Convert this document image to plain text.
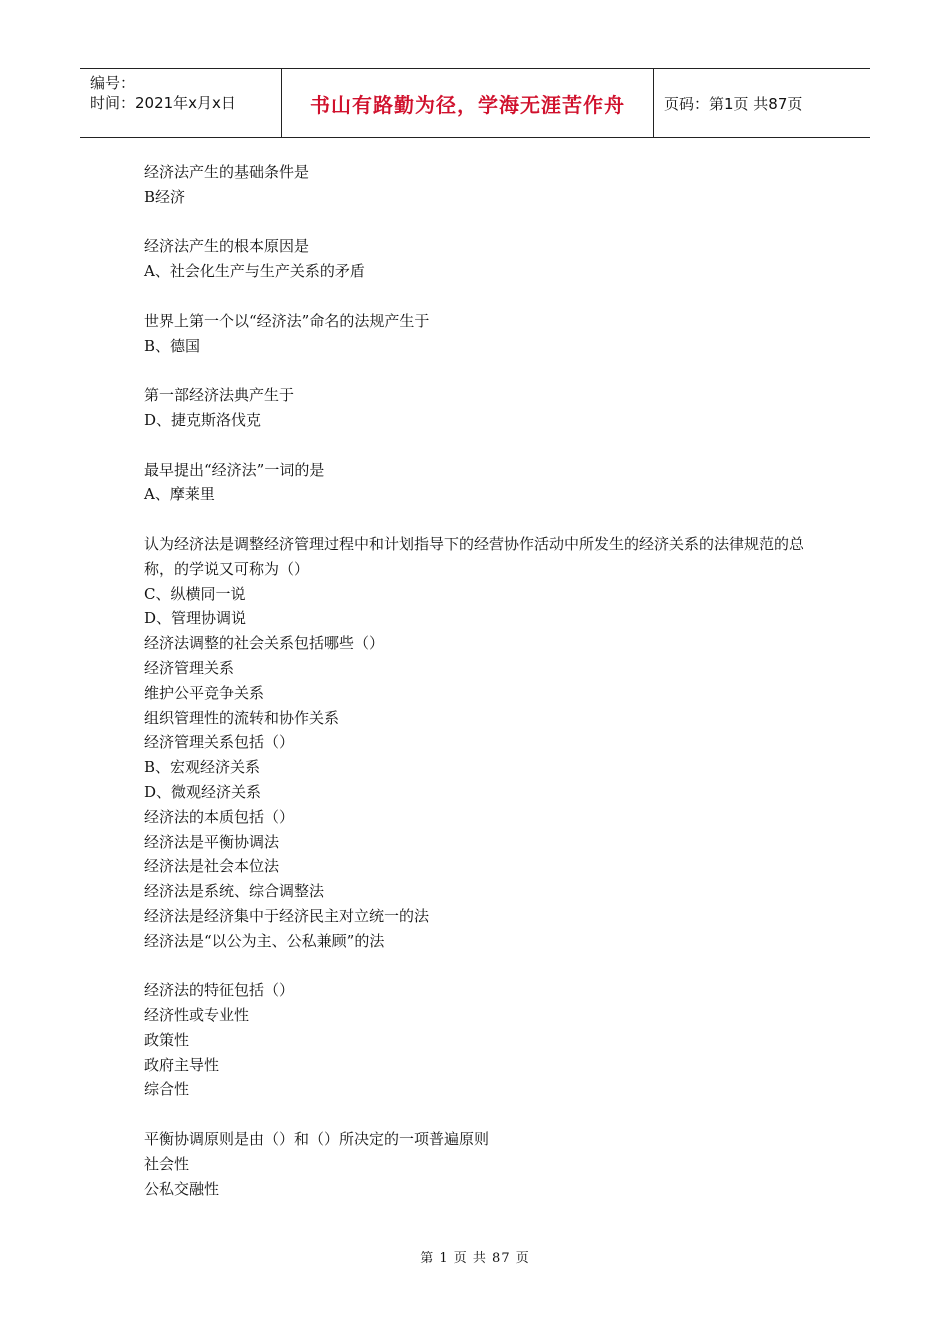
编号：
时间：2021年x月x日	书山有路勤为径，学海无涯苦作舟	页码：第1页 共87页
经济法产生的基础条件是
B经济
经济法产生的根本原因是
A、社会化生产与生产关系的矛盾
世界上第一个以“经济法”命名的法规产生于
B、德国
第一部经济法典产生于
D、捷克斯洛伐克
最早提出“经济法”一词的是
A、摩莱里
认为经济法是调整经济管理过程中和计划指导下的经营协作活动中所发生的经济关系的法律规范的总称，的学说又可称为（）
C、纵横同一说
D、管理协调说
经济法调整的社会关系包括哪些（）
经济管理关系
维护公平竞争关系
组织管理性的流转和协作关系
经济管理关系包括（）
B、宏观经济关系
D、微观经济关系
经济法的本质包括（）
经济法是平衡协调法
经济法是社会本位法
经济法是系统、综合调整法
经济法是经济集中于经济民主对立统一的法
经济法是“以公为主、公私兼顾”的法
经济法的特征包括（）
经济性或专业性
政策性
政府主导性
综合性
平衡协调原则是由（）和（）所决定的一项普遍原则
社会性
公私交融性
第 1 页 共 87 页
